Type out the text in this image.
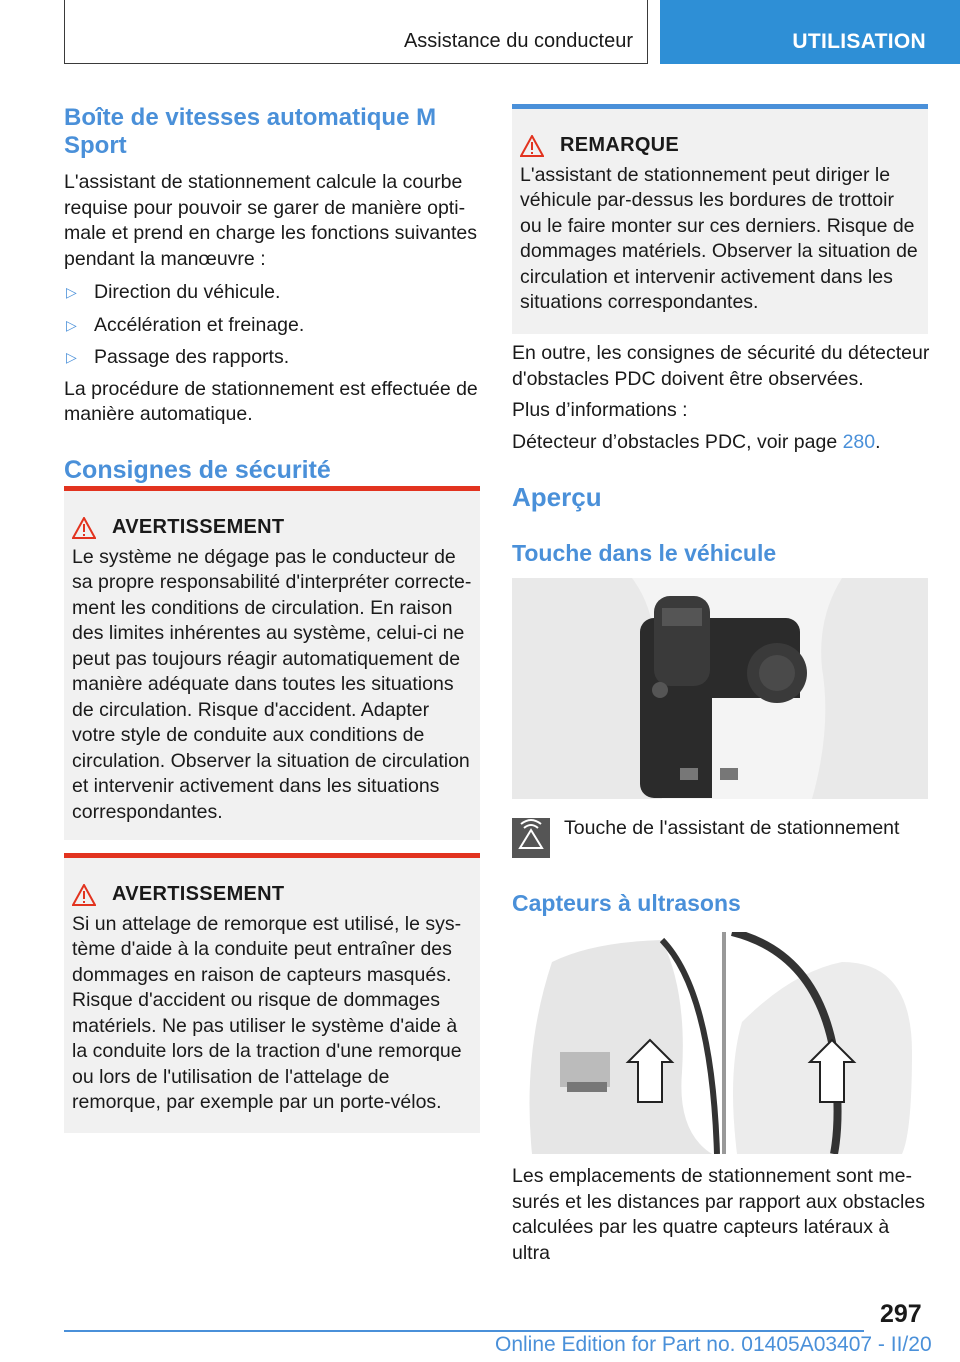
Assistance du conducteur	UTILISATION
Boîte de vitesses automatique M Sport

L'assistant de stationnement calcule la courbe requise pour pouvoir se garer de manière optimale et prend en charge les fonctions suivantes pendant la manœuvre :

▷ Direction du véhicule.
▷ Accélération et freinage.
▷ Passage des rapports.

La procédure de stationnement est effectuée de manière automatique.

Consignes de sécurité
AVERTISSEMENT

Le système ne dégage pas le conducteur de sa propre responsabilité d'interpréter correctement les conditions de circulation. En raison des limites inhérentes au système, celui-ci ne peut pas toujours réagir automatiquement de manière adéquate dans toutes les situations de circulation. Risque d'accident. Adapter votre style de conduite aux conditions de circulation. Observer la situation de circulation et intervenir activement dans les situations correspondantes.

AVERTISSEMENT

Si un attelage de remorque est utilisé, le système d'aide à la conduite peut entraîner des dommages en raison de capteurs masqués. Risque d'accident ou risque de dommages matériels. Ne pas utiliser le système d'aide à la conduite lors de la traction d'une remorque ou lors de l'utilisation de l'attelage de remorque, par exemple par un porte-vélos.

REMARQUE

L'assistant de stationnement peut diriger le véhicule par-dessus les bordures de trottoir ou le faire monter sur ces derniers. Risque de dommages matériels. Observer la situation de circulation et intervenir activement dans les situations correspondantes.

En outre, les consignes de sécurité du détecteur d'obstacles PDC doivent être observées.

Plus d’informations :

Détecteur d’obstacles PDC, voir page 280.

Aperçu
Touche dans le véhicule
Touche de l'assistant de stationnement
Capteurs à ultrasons

Les emplacements de stationnement sont mesurés et les distances par rapport aux obstacles calculées par les quatre capteurs latéraux à ultra

297
Online Edition for Part no. 01405A03407 - II/20
